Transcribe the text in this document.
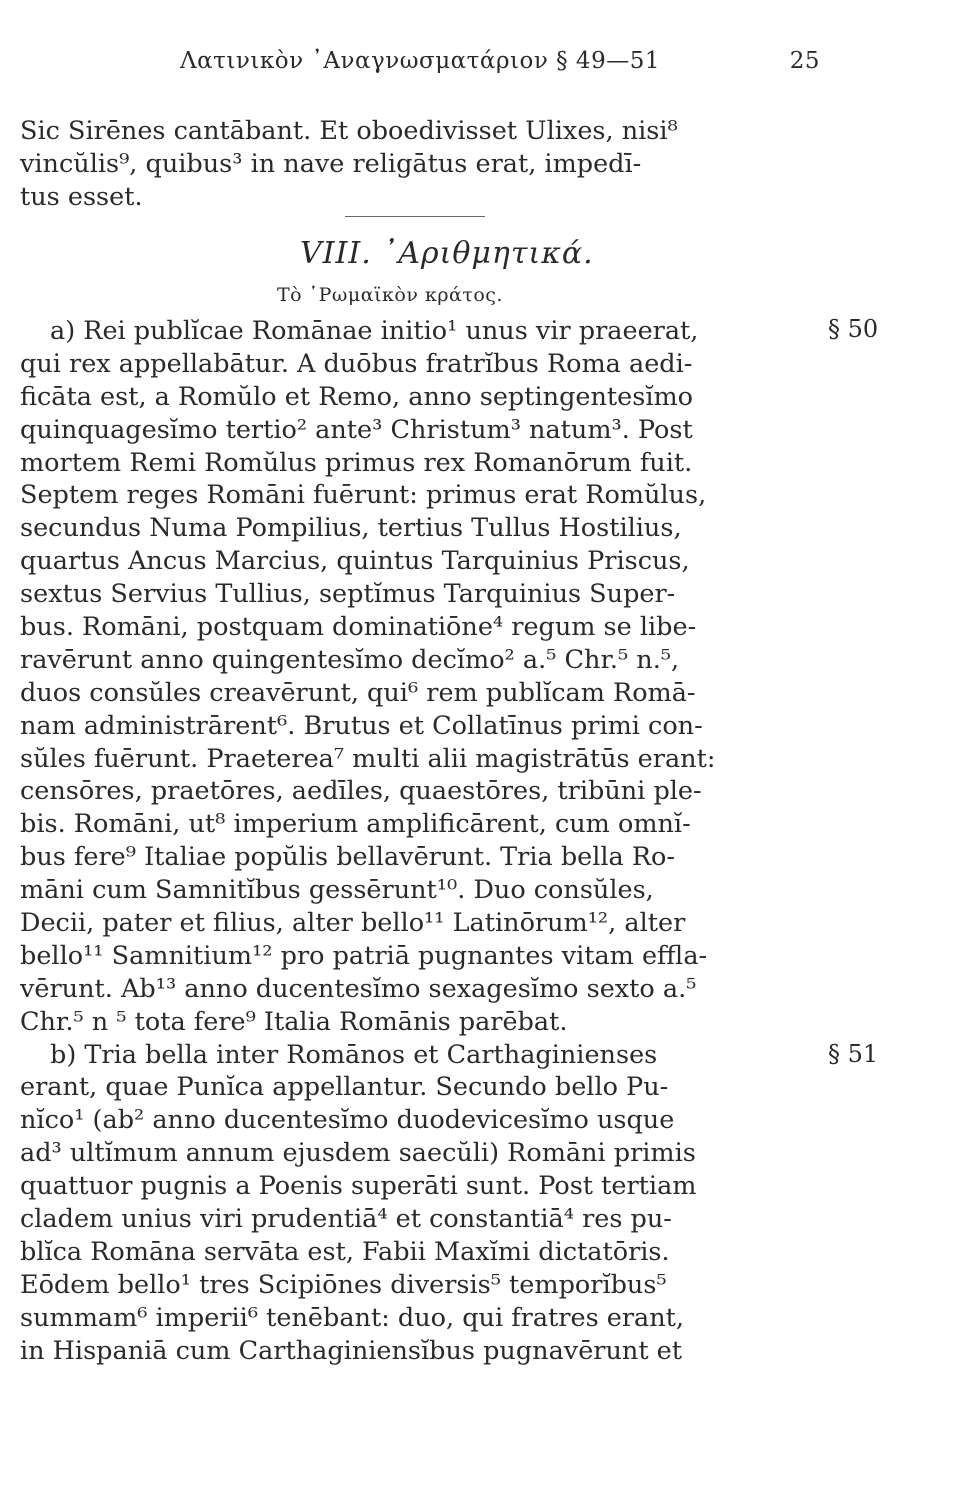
Λατινικὸν ᾿Αναγνωσματάριον § 49—51	25
Sic Sirēnes cantābant. Et oboedivisset Ulixes, nisi⁸
vincŭlis⁹, quibus³ in nave religātus erat, impedī-
tus esset.
VIII. ᾿Αριθμητικά.
Τὸ ῾Ρωμαϊκὸν κράτος.
§ 50
§ 51
a) Rei publĭcae Romānae initio¹ unus vir praeerat,
qui rex appellabātur. A duōbus fratrĭbus Roma aedi-
ficāta est, a Romŭlo et Remo, anno septingentesĭmo
quinquagesĭmo tertio² ante³ Christum³ natum³. Post
mortem Remi Romŭlus primus rex Romanōrum fuit.
Septem reges Romāni fuērunt: primus erat Romŭlus,
secundus Numa Pompilius, tertius Tullus Hostilius,
quartus Ancus Marcius, quintus Tarquinius Priscus,
sextus Servius Tullius, septĭmus Tarquinius Super-
bus. Romāni, postquam dominatiōne⁴ regum se libe-
ravērunt anno quingentesĭmo decĭmo² a.⁵ Chr.⁵ n.⁵,
duos consŭles creavērunt, qui⁶ rem publĭcam Romā-
nam administrārent⁶. Brutus et Collatīnus primi con-
sŭles fuērunt. Praeterea⁷ multi alii magistrātūs erant:
censōres, praetōres, aedīles, quaestōres, tribūni ple-
bis. Romāni, ut⁸ imperium amplificārent, cum omnĭ-
bus fere⁹ Italiae popŭlis bellavērunt. Tria bella Ro-
māni cum Samnitĭbus gessērunt¹⁰. Duo consŭles,
Decii, pater et filius, alter bello¹¹ Latinōrum¹², alter
bello¹¹ Samnitium¹² pro patriā pugnantes vitam effla-
vērunt. Ab¹³ anno ducentesĭmo sexagesĭmo sexto a.⁵
Chr.⁵ n ⁵ tota fere⁹ Italia Romānis parēbat.
b) Tria bella inter Romānos et Carthaginienses
erant, quae Punĭca appellantur. Secundo bello Pu-
nĭco¹ (ab² anno ducentesĭmo duodevicesĭmo usque
ad³ ultĭmum annum ejusdem saecŭli) Romāni primis
quattuor pugnis a Poenis superāti sunt. Post tertiam
cladem unius viri prudentiā⁴ et constantiā⁴ res pu-
blĭca Romāna servāta est, Fabii Maxĭmi dictatōris.
Eōdem bello¹ tres Scipiōnes diversis⁵ temporĭbus⁵
summam⁶ imperii⁶ tenēbant: duo, qui fratres erant,
in Hispaniā cum Carthaginiensĭbus pugnavērunt et
